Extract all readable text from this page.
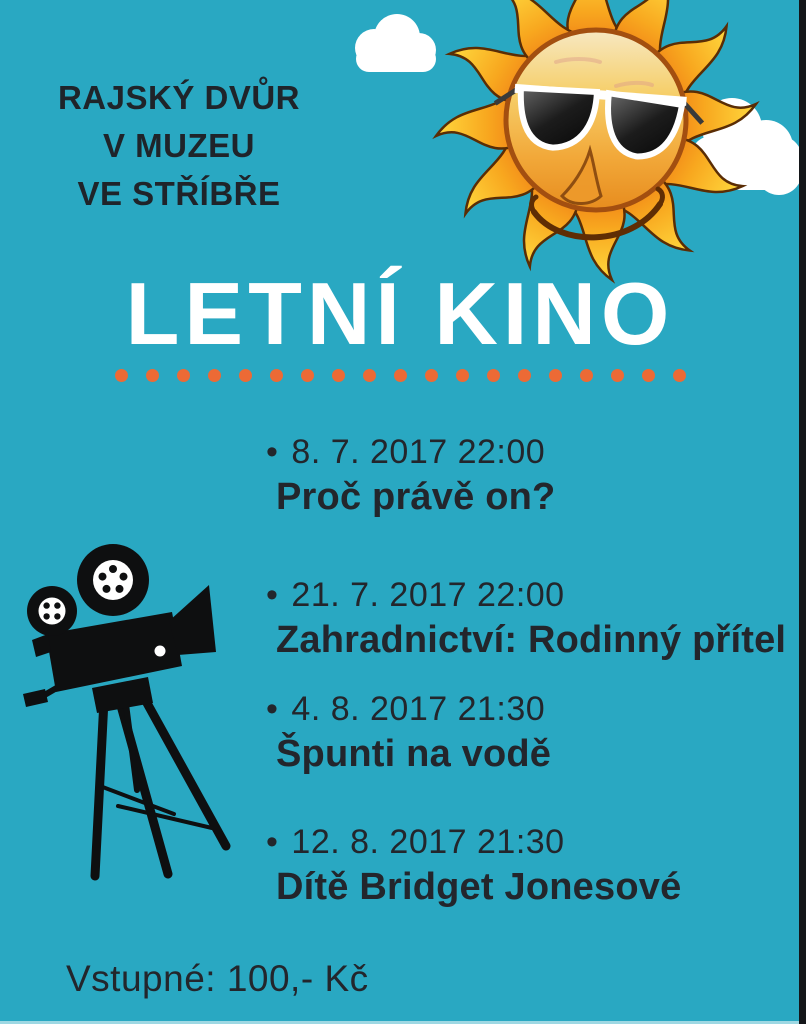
RAJSKÝ DVŮR
V MUZEU
VE STŘÍBŘE
LETNÍ KINO
• 8. 7. 2017 22:00
Proč právě on?
• 21. 7. 2017 22:00
Zahradnictví: Rodinný přítel
• 4. 8. 2017 21:30
Špunti na vodě
• 12. 8. 2017 21:30
Dítě Bridget Jonesové
Vstupné: 100,- Kč
